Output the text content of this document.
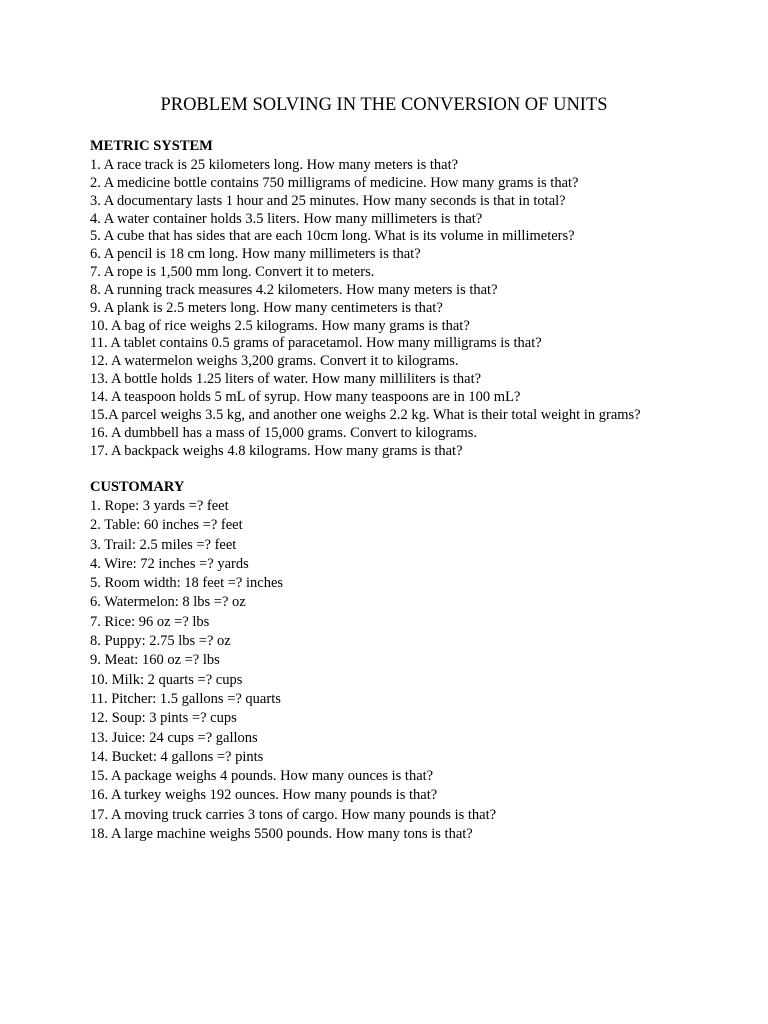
PROBLEM SOLVING IN THE CONVERSION OF UNITS
METRIC SYSTEM
1. A race track is 25 kilometers long. How many meters is that?
2. A medicine bottle contains 750 milligrams of medicine. How many grams is that?
3. A documentary lasts 1 hour and 25 minutes. How many seconds is that in total?
4. A water container holds 3.5 liters. How many millimeters is that?
5. A cube that has sides that are each 10cm long. What is its volume in millimeters?
6. A pencil is 18 cm long. How many millimeters is that?
7. A rope is 1,500 mm long. Convert it to meters.
8. A running track measures 4.2 kilometers. How many meters is that?
9. A plank is 2.5 meters long. How many centimeters is that?
10. A bag of rice weighs 2.5 kilograms. How many grams is that?
11. A tablet contains 0.5 grams of paracetamol. How many milligrams is that?
12. A watermelon weighs 3,200 grams. Convert it to kilograms.
13. A bottle holds 1.25 liters of water. How many milliliters is that?
14. A teaspoon holds 5 mL of syrup. How many teaspoons are in 100 mL?
15.A parcel weighs 3.5 kg, and another one weighs 2.2 kg. What is their total weight in grams?
16. A dumbbell has a mass of 15,000 grams. Convert to kilograms.
17. A backpack weighs 4.8 kilograms. How many grams is that?
CUSTOMARY
1. Rope: 3 yards =? feet
2. Table: 60 inches =? feet
3. Trail: 2.5 miles =? feet
4. Wire: 72 inches =? yards
5. Room width: 18 feet =? inches
6. Watermelon: 8 lbs =? oz
7. Rice: 96 oz =? lbs
8. Puppy: 2.75 lbs =? oz
9. Meat: 160 oz =? lbs
10. Milk: 2 quarts =? cups
11. Pitcher: 1.5 gallons =? quarts
12. Soup: 3 pints =? cups
13. Juice: 24 cups =? gallons
14. Bucket: 4 gallons =? pints
15. A package weighs 4 pounds. How many ounces is that?
16. A turkey weighs 192 ounces. How many pounds is that?
17. A moving truck carries 3 tons of cargo. How many pounds is that?
18. A large machine weighs 5500 pounds. How many tons is that?
